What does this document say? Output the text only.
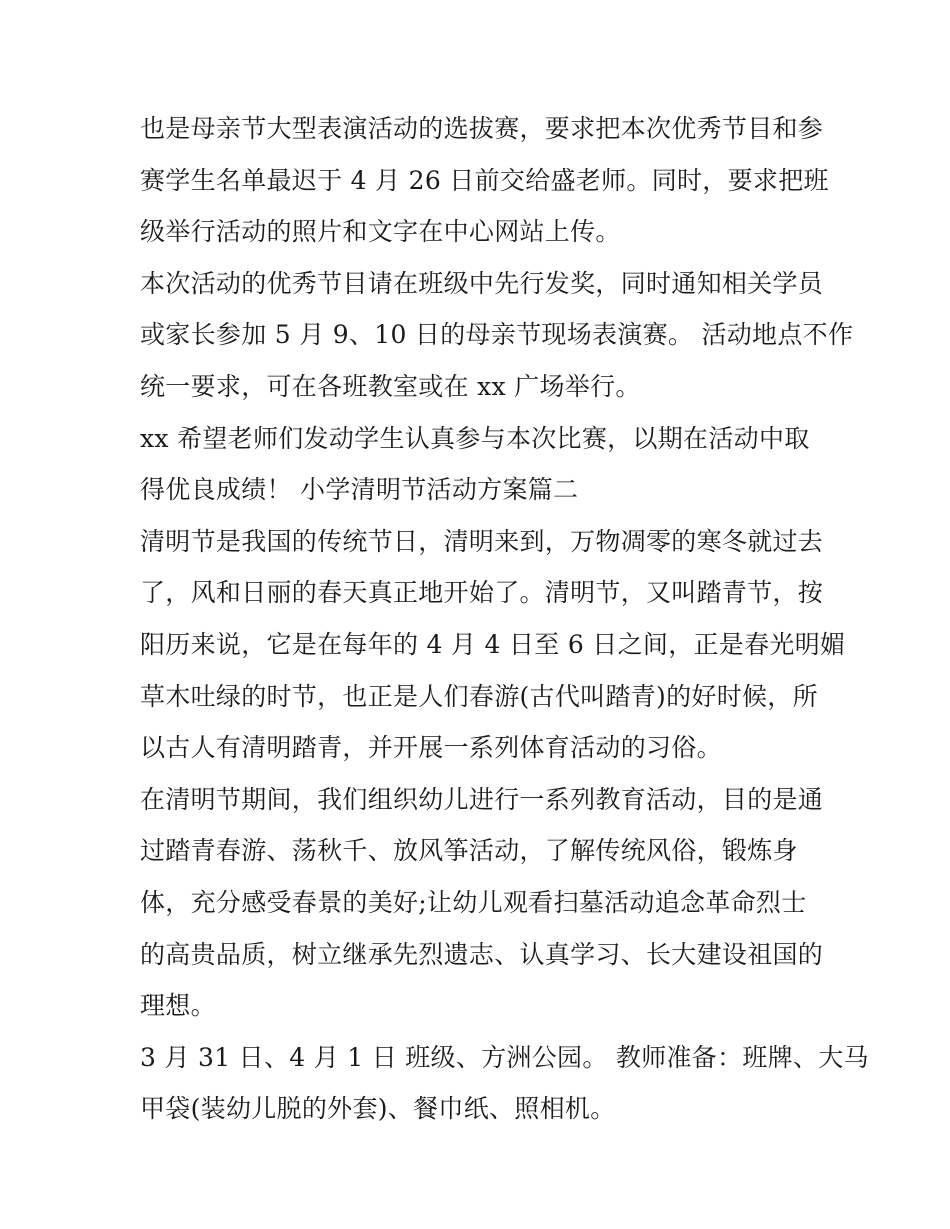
也是母亲节大型表演活动的选拔赛，要求把本次优秀节目和参
赛学生名单最迟于 4 月 26 日前交给盛老师。同时，要求把班
级举行活动的照片和文字在中心网站上传。
本次活动的优秀节目请在班级中先行发奖，同时通知相关学员
或家长参加 5 月 9、10 日的母亲节现场表演赛。 活动地点不作
统一要求，可在各班教室或在 xx 广场举行。
xx 希望老师们发动学生认真参与本次比赛，以期在活动中取
得优良成绩！ 小学清明节活动方案篇二
清明节是我国的传统节日，清明来到，万物凋零的寒冬就过去
了，风和日丽的春天真正地开始了。清明节，又叫踏青节，按
阳历来说，它是在每年的 4 月 4 日至 6 日之间，正是春光明媚
草木吐绿的时节，也正是人们春游(古代叫踏青)的好时候，所
以古人有清明踏青，并开展一系列体育活动的习俗。
在清明节期间，我们组织幼儿进行一系列教育活动，目的是通
过踏青春游、荡秋千、放风筝活动，了解传统风俗，锻炼身
体，充分感受春景的美好;让幼儿观看扫墓活动追念革命烈士
的高贵品质，树立继承先烈遗志、认真学习、长大建设祖国的
理想。
3 月 31 日、4 月 1 日 班级、方洲公园。 教师准备：班牌、大马
甲袋(装幼儿脱的外套)、餐巾纸、照相机。
